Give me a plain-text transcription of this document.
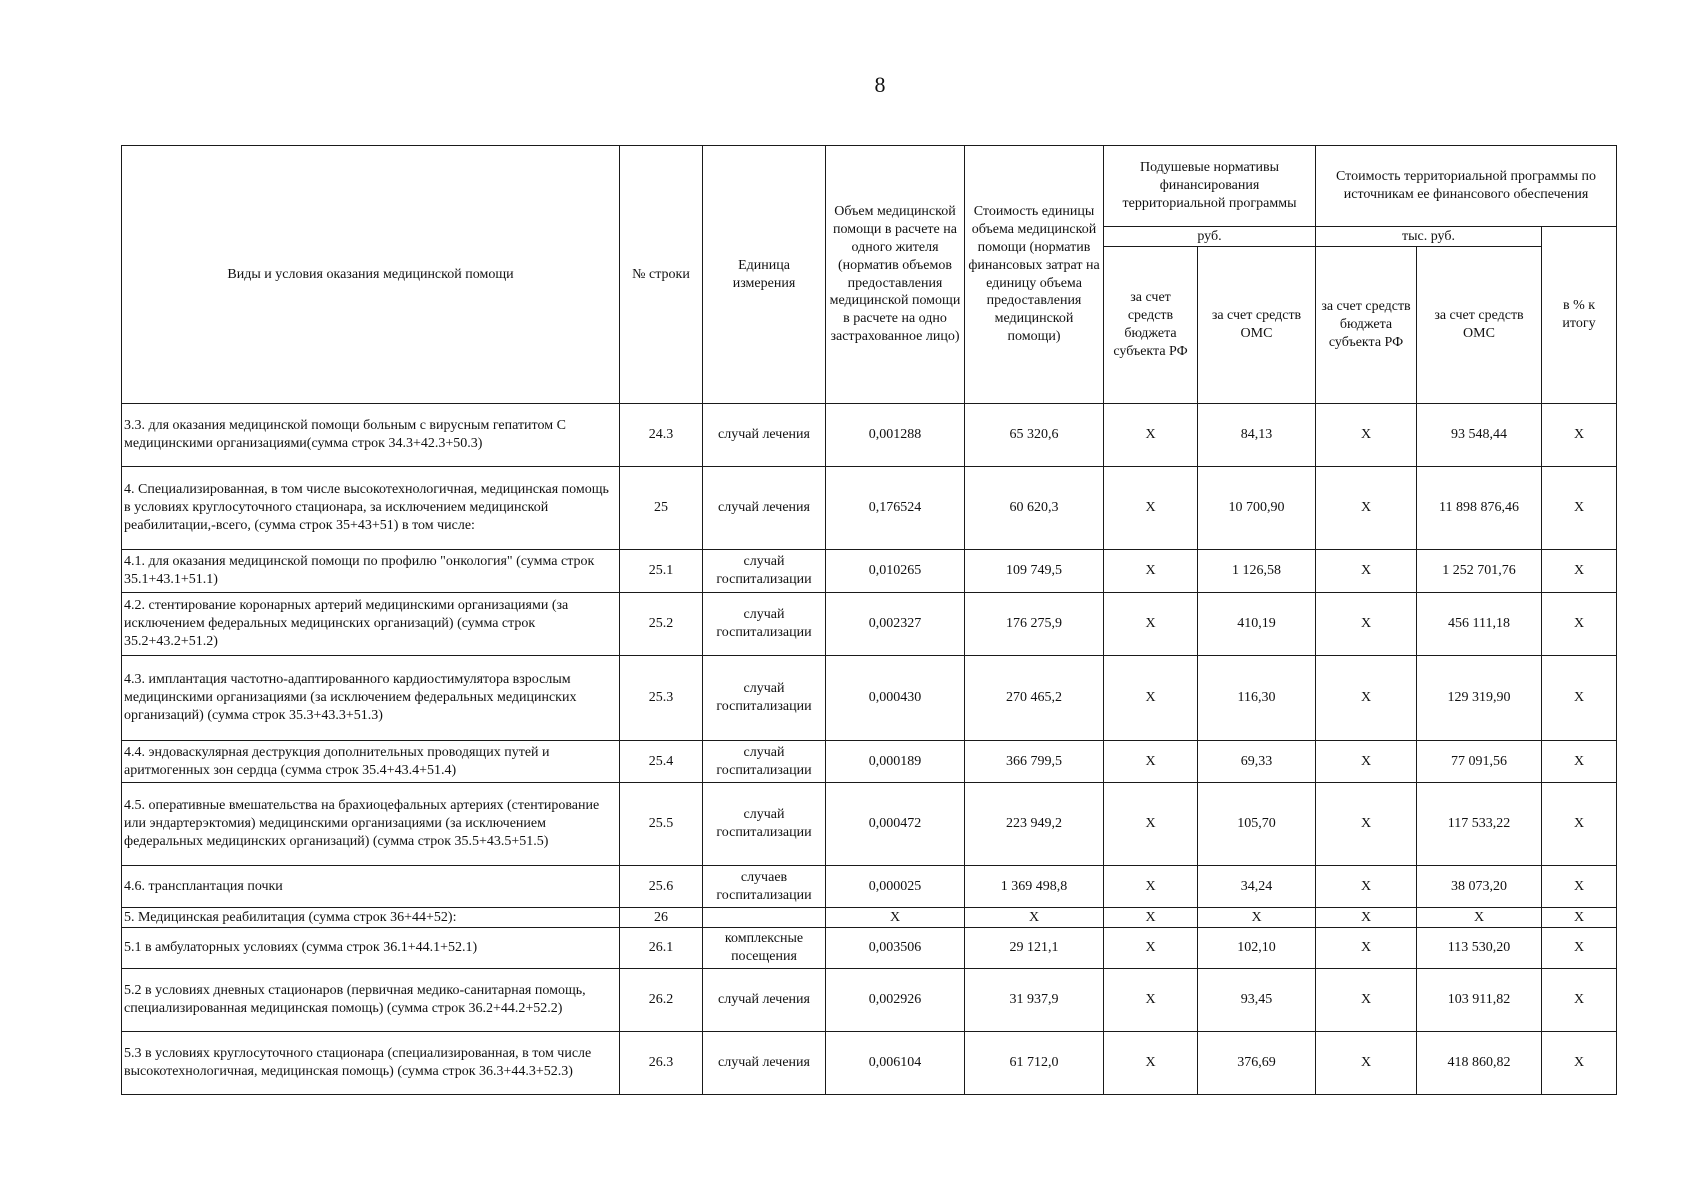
8
Виды и условия оказания медицинской помощи	№ строки	Единица измерения	Объем медицинской помощи в расчете на одного жителя (норматив объемов предоставления медицинской помощи в расчете на одно застрахованное лицо)	Стоимость единицы объема медицинской помощи (норматив финансовых затрат на единицу объема предоставления медицинской помощи)	Подушевые нормативы финансирования территориальной программы		Стоимость территориальной программы по источникам ее финансового обеспечения		
					руб.		тыс. руб.		в % к итогу
					за счет средств бюджета субъекта РФ	за счет средств ОМС	за счет средств бюджета субъекта РФ	за счет средств ОМС	
3.3. для оказания медицинской помощи больным с вирусным гепатитом С медицинскими организациями(сумма строк 34.3+42.3+50.3)	24.3	случай лечения	0,001288	65 320,6	X	84,13	X	93 548,44	X
4. Специализированная, в том числе высокотехнологичная, медицинская помощь в условиях круглосуточного стационара, за исключением медицинской реабилитации,-всего, (сумма строк 35+43+51) в том числе:	25	случай лечения	0,176524	60 620,3	X	10 700,90	X	11 898 876,46	X
4.1. для оказания медицинской помощи по профилю "онкология" (сумма строк 35.1+43.1+51.1)	25.1	случай госпитализации	0,010265	109 749,5	X	1 126,58	X	1 252 701,76	X
4.2. стентирование коронарных артерий медицинскими организациями (за исключением федеральных медицинских организаций) (сумма строк 35.2+43.2+51.2)	25.2	случай госпитализации	0,002327	176 275,9	X	410,19	X	456 111,18	X
4.3. имплантация частотно-адаптированного кардиостимулятора взрослым медицинскими организациями (за исключением федеральных медицинских организаций) (сумма строк 35.3+43.3+51.3)	25.3	случай госпитализации	0,000430	270 465,2	X	116,30	X	129 319,90	X
4.4. эндоваскулярная деструкция дополнительных проводящих путей и аритмогенных зон сердца (сумма строк 35.4+43.4+51.4)	25.4	случай госпитализации	0,000189	366 799,5	X	69,33	X	77 091,56	X
4.5. оперативные вмешательства на брахиоцефальных артериях (стентирование или эндартерэктомия) медицинскими организациями (за исключением федеральных медицинских организаций) (сумма строк 35.5+43.5+51.5)	25.5	случай госпитализации	0,000472	223 949,2	X	105,70	X	117 533,22	X
4.6. трансплантация почки	25.6	случаев госпитализации	0,000025	1 369 498,8	X	34,24	X	38 073,20	X
5. Медицинская реабилитация (сумма строк 36+44+52):	26		X	X	X	X	X	X	X
5.1 в амбулаторных условиях (сумма строк 36.1+44.1+52.1)	26.1	комплексные посещения	0,003506	29 121,1	X	102,10	X	113 530,20	X
5.2 в условиях дневных стационаров (первичная медико-санитарная помощь, специализированная медицинская помощь) (сумма строк 36.2+44.2+52.2)	26.2	случай лечения	0,002926	31 937,9	X	93,45	X	103 911,82	X
5.3 в условиях круглосуточного стационара (специализированная, в том числе высокотехнологичная, медицинская помощь) (сумма строк 36.3+44.3+52.3)	26.3	случай лечения	0,006104	61 712,0	X	376,69	X	418 860,82	X
